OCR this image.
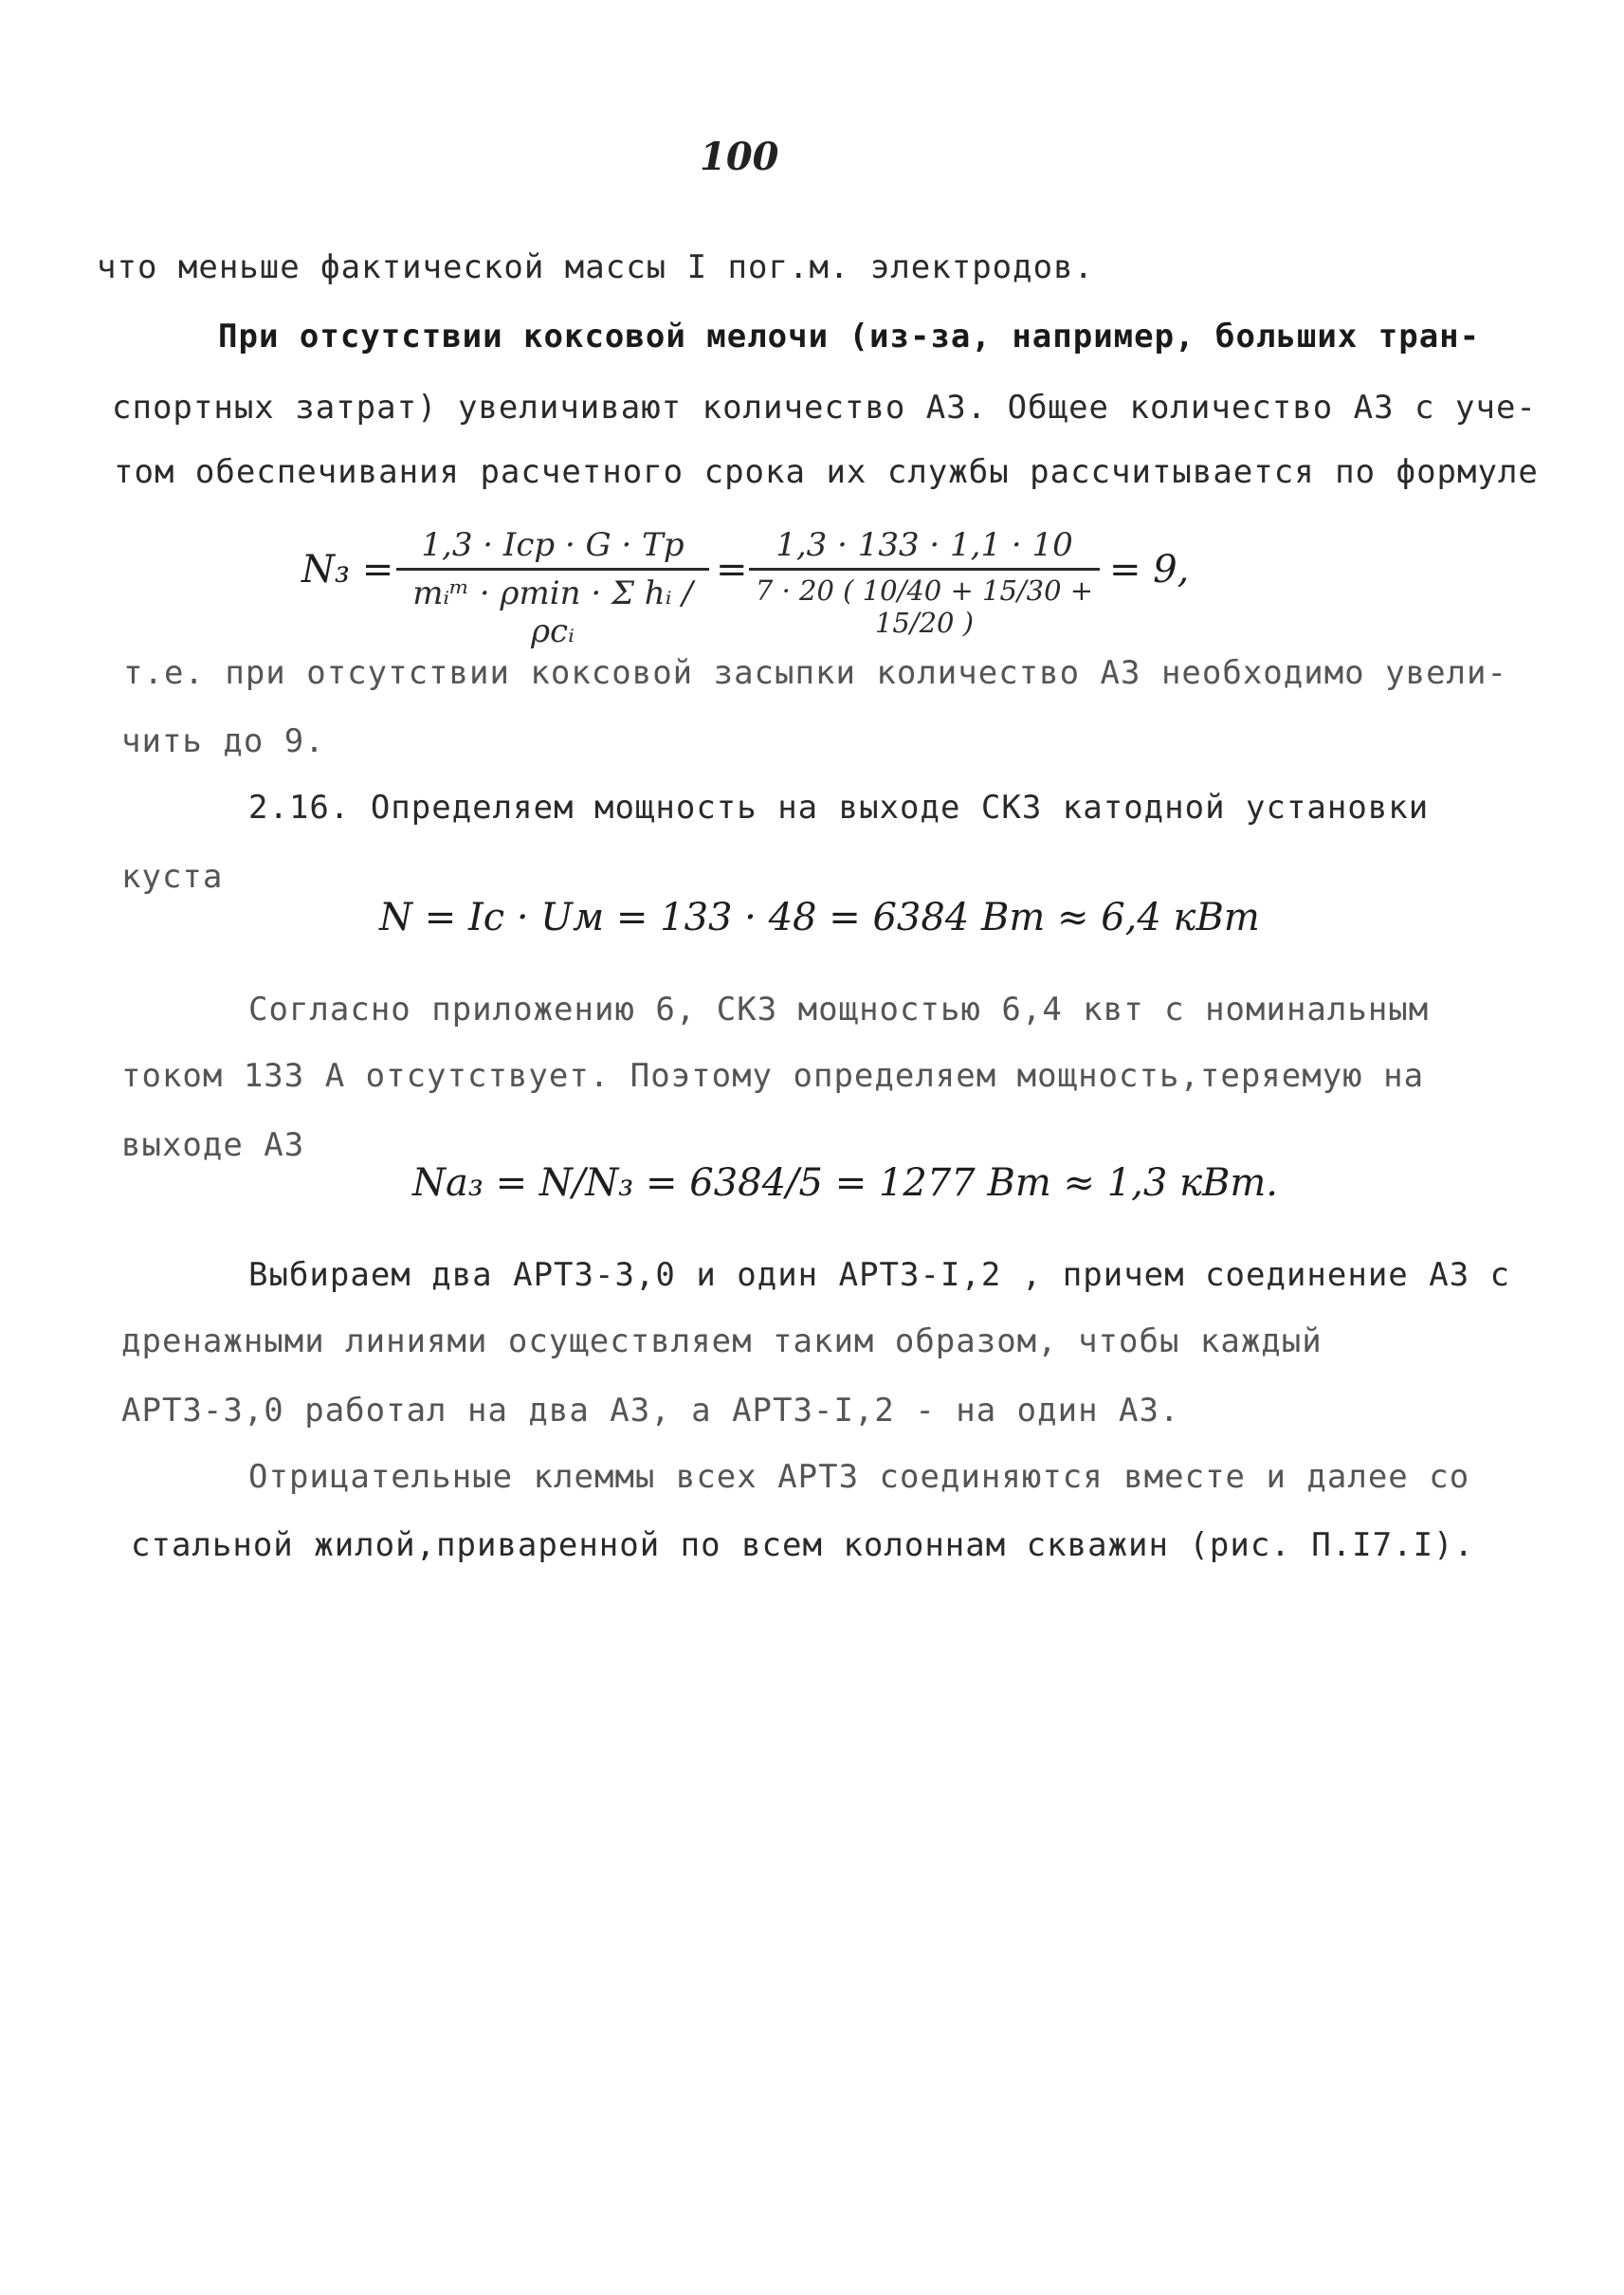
100
что меньше фактической массы I пог.м. электродов.
При отсутствии коксовой мелочи (из-за, например, больших тран-
спортных затрат) увеличивают количество АЗ. Общее количество АЗ с уче-
том обеспечивания расчетного срока их службы рассчитывается по формуле
N₃ =
1,3 · Iср · G · Tр
mᵢᵐ · ρmin · Σ hᵢ / ρсᵢ
=
1,3 · 133 · 1,1 · 10
7 · 20 ( 10/40 + 15/30 + 15/20 )
= 9,
т.е. при отсутствии коксовой засыпки количество АЗ необходимо увели-
чить до 9.
2.16. Определяем мощность на выходе СКЗ катодной установки
куста
N = Iс · Uм = 133 · 48 = 6384 Вт ≈ 6,4 кВт
Согласно приложению 6, СКЗ мощностью 6,4 квт с номинальным
током 133 А отсутствует. Поэтому определяем мощность,теряемую на
выходе АЗ
Nа₃ = N/N₃ = 6384/5 = 1277 Вт ≈ 1,3 кВт.
Выбираем два АРТЗ-3,0 и один АРТЗ-I,2 , причем соединение АЗ с
дренажными линиями осуществляем таким образом, чтобы каждый
АРТЗ-3,0 работал на два АЗ, а АРТЗ-I,2 - на один АЗ.
Отрицательные клеммы всех АРТЗ соединяются вместе и далее со
стальной жилой,приваренной по всем колоннам скважин (рис. П.I7.I).
